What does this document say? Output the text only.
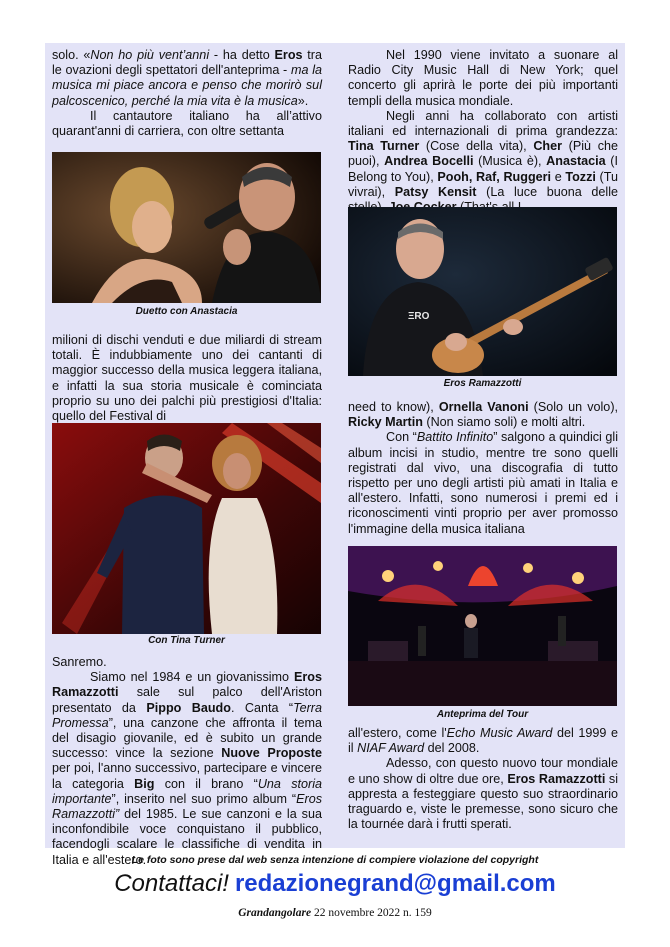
solo. «Non ho più vent’anni - ha detto Eros tra le ovazioni degli spettatori dell'anteprima - ma la musica mi piace ancora e penso che morirò sul palcoscenico, perché la mia vita è la musica».

Il cantautore italiano ha all’attivo quarant'anni di carriera, con oltre settanta

Duetto con Anastacia

milioni di dischi venduti e due miliardi di stream totali. È indubbiamente uno dei cantanti di maggior successo della musica leggera italiana, e infatti la sua storia musicale è cominciata proprio su uno dei palchi più prestigiosi d'Italia: quello del Festival di

Con Tina Turner

Sanremo.

Siamo nel 1984 e un giovanissimo Eros Ramazzotti sale sul palco dell'Ariston presentato da Pippo Baudo. Canta “Terra Promessa”, una canzone che affronta il tema del disagio giovanile, ed è subito un grande successo: vince la sezione Nuove Proposte per poi, l'anno successivo, partecipare e vincere la categoria Big con il brano “Una storia importante”, inserito nel suo primo album “Eros Ramazzotti” del 1985. Le sue canzoni e la sua inconfondibile voce conquistano il pubblico, facendogli scalare le classifiche di vendita in Italia e all'estero.

Nel 1990 viene invitato a suonare al Radio City Music Hall di New York; quel concerto gli aprirà le porte dei più importanti templi della musica mondiale.

Negli anni ha collaborato con artisti italiani ed internazionali di prima grandezza: Tina Turner (Cose della vita), Cher (Più che puoi), Andrea Bocelli (Musica è), Anastacia (I Belong to You), Pooh, Raf, Ruggeri e Tozzi (Tu vivrai), Patsy Kensit (La luce buona delle

ΞRO
Eros Ramazzotti

need to know), Ornella Vanoni (Solo un volo), Ricky Martin (Non siamo soli) e molti altri.

Con “Battito Infinito” salgono a quindici gli album incisi in studio, mentre tre sono quelli registrati dal vivo, una discografia di tutto rispetto per uno degli artisti più amati in Italia e all'estero. Infatti, sono numerosi i premi ed i riconoscimenti vinti proprio per aver promosso l'immagine della musica italiana

Anteprima del Tour

all'estero, come l'Echo Music Award del 1999 e il NIAF Award del 2008.

Adesso, con questo nuovo tour mondiale e uno show di oltre due ore, Eros Ramazzotti si appresta a festeggiare questo suo straordinario traguardo e, viste le premesse, sono sicuro che la tournée darà i frutti sperati.

Le foto sono prese dal web senza intenzione di compiere violazione del copyright
Contattaci! redazionegrand@gmail.com
Grandangolare 22 novembre 2022 n. 159
